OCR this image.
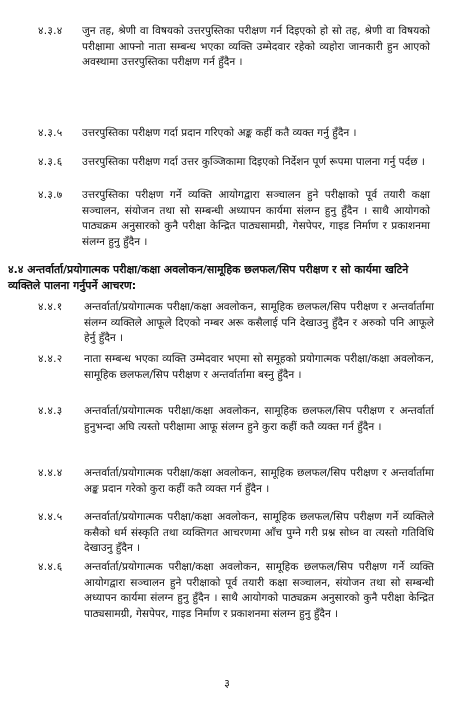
४.३.४	जुन तह, श्रेणी वा विषयको उत्तरपुस्तिका परीक्षण गर्न दिइएको हो सो तह, श्रेणी वा विषयको परीक्षामा आफ्नो नाता सम्बन्ध भएका व्यक्ति उम्मेदवार रहेको व्यहोरा जानकारी हुन आएको अवस्थामा उत्तरपुस्तिका परीक्षण गर्न हुँदैन ।
४.३.५	उत्तरपुस्तिका परीक्षण गर्दा प्रदान गरिएको अङ्क कहीं कतै व्यक्त गर्नु हुँदैन ।
४.३.६	उत्तरपुस्तिका परीक्षण गर्दा उत्तर कुञ्जिकामा दिइएको निर्देशन पूर्ण रूपमा पालना गर्नु पर्दछ ।
४.३.७	उत्तरपुस्तिका परीक्षण गर्ने व्यक्ति आयोगद्वारा सञ्चालन हुने परीक्षाको पूर्व तयारी कक्षा सञ्चालन, संयोजन तथा सो सम्बन्धी अध्यापन कार्यमा संलग्न हुनु हुँदैन । साथै आयोगको पाठ्यक्रम अनुसारको कुनै परीक्षा केन्द्रित पाठ्यसामग्री, गेसपेपर, गाइड निर्माण र प्रकाशनमा संलग्न हुनु हुँदैन ।
४.४ अन्तर्वार्ता/प्रयोगात्मक परीक्षा/कक्षा अवलोकन/सामूहिक छलफल/सिप परीक्षण र सो कार्यमा खटिने व्यक्तिले पालना गर्नुपर्ने आचरण:
४.४.१	अन्तर्वार्ता/प्रयोगात्मक परीक्षा/कक्षा अवलोकन, सामूहिक छलफल/सिप परीक्षण र अन्तर्वार्तामा संलग्न व्यक्तिले आफूले दिएको नम्बर अरू कसैलाई पनि देखाउनु हुँदैन र अरुको पनि आफूले हेर्नु हुँदैन ।
४.४.२	नाता सम्बन्ध भएका व्यक्ति उम्मेदवार भएमा सो समूहको प्रयोगात्मक परीक्षा/कक्षा अवलोकन, सामूहिक छलफल/सिप परीक्षण र अन्तर्वार्तामा बस्नु हुँदैन ।
४.४.३	अन्तर्वार्ता/प्रयोगात्मक परीक्षा/कक्षा अवलोकन, सामूहिक छलफल/सिप परीक्षण र अन्तर्वार्ता हुनुभन्दा अघि त्यस्तो परीक्षामा आफू संलग्न हुने कुरा कहीं कतै व्यक्त गर्न हुँदैन ।
४.४.४	अन्तर्वार्ता/प्रयोगात्मक परीक्षा/कक्षा अवलोकन, सामूहिक छलफल/सिप परीक्षण र अन्तर्वार्तामा अङ्क प्रदान गरेको कुरा कहीं कतै व्यक्त गर्न हुँदैन ।
४.४.५	अन्तर्वार्ता/प्रयोगात्मक परीक्षा/कक्षा अवलोकन, सामूहिक छलफल/सिप परीक्षण गर्ने व्यक्तिले कसैको धर्म संस्कृति तथा व्यक्तिगत आचरणमा आँच पुग्ने गरी प्रश्न सोध्न वा त्यस्तो गतिविधि देखाउनु हुँदैन ।
४.४.६	अन्तर्वार्ता/प्रयोगात्मक परीक्षा/कक्षा अवलोकन, सामूहिक छलफल/सिप परीक्षण गर्ने व्यक्ति आयोगद्वारा सञ्चालन हुने परीक्षाको पूर्व तयारी कक्षा सञ्चालन, संयोजन तथा सो सम्बन्धी अध्यापन कार्यमा संलग्न हुनु हुँदैन । साथै आयोगको पाठ्यक्रम अनुसारको कुनै परीक्षा केन्द्रित पाठ्यसामग्री, गेसपेपर, गाइड निर्माण र प्रकाशनमा संलग्न हुनु हुँदैन ।
३
